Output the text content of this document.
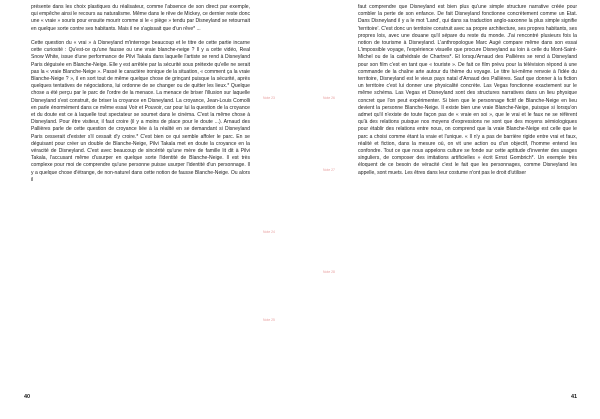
présente dans les choix plastiques du réalisateur, comme l'absence de son direct par exemple, qui empêche ainsi le recours au naturalisme. Même dans le rêve de Mickey, ce dernier reste donc une « vraie » souris pour ensuite mourir comme si le « piège » tendu par Disneyland se retournait en quelque sorte contre ses habitants. Mais il ne s'agissait que d'un rêve* ...

Cette question du « vrai » à Disneyland m'interroge beaucoup et le titre de cette partie incarne cette curiosité : Qu'est-ce qu'une fausse ou une vraie blanche-neige ? Il y a cette vidéo, Real Snow White, issue d'une performance de Pilvi Takala dans laquelle l'artiste se rend à Disneyland Paris déguisée en Blanche-Neige. Elle y est arrêtée par la sécurité sous prétexte qu'elle ne serait pas la « vraie Blanche-Neige ». Passé le caractère ironique de la situation, « comment ça la vraie Blanche-Neige ? », il en sort tout de même quelque chose de grinçant puisque la sécurité, après quelques tentatives de négociations, lui ordonne de se changer ou de quitter les lieux.* Quelque chose a été perçu par le parc de l'ordre de la menace. La menace de briser l'illusion sur laquelle Disneyland s'est construit, de briser la croyance en Disneyland. La croyance, Jean-Louis Comolli en parle énormément dans ce même essai Voir et Pouvoir, car pour lui la question de la croyance et du doute est ce à laquelle tout spectateur se soumet dans le cinéma. C'est la même chose à Disneyland. Pour être visiteur, il faut croire (il y a moins de place pour le doute ...). Arnaud des Pallières parle de cette question de croyance liée à la réalité en se demandant si Disneyland Paris cesserait d'exister s'il cessait d'y croire.* C'est bien ce qui semble affoler le parc. En se déguisant pour créer un double de Blanche-Neige, Pilvi Takala met en doute la croyance en la véracité de Disneyland. C'est avec beaucoup de sincérité qu'une mère de famille lit dit à Pilvi Takala, l'accusant même d'usurper en quelque sorte l'identité de Blanche-Neige. Il est très complexe pour moi de comprendre qu'une personne puisse usurper l'identité d'un personnage. Il y a quelque chose d'étrange, de non-naturel dans cette notion de fausse Blanche-Neige. Ou alors il

Note 23
Note 24
Note 25
40
Note 26
Note 27
Note 28

faut comprendre que Disneyland est bien plus qu'une simple structure narrative créée pour combler la perte de son enfance. De fait Disneyland fonctionne concrètement comme un Etat. Dans Disneyland il y a le mot 'Land', qui dans sa traduction anglo-saxonne la plus simple signifie 'territoire'. C'est donc un territoire construit avec sa propre architecture, ses propres habitants, ses propres lois, avec une douane qu'il sépare du reste du monde. J'ai rencontré plusieurs fois la notion de tourisme à Disneyland. L'anthropologue Marc Augé compare même dans son essai L'impossible voyage, l'expérience visuelle que procure Disneyland au loin à celle du Mont-Saint-Michel ou de la cathédrale de Chartres*. Et lorsqu'Arnaud des Pallières se rend à Disneyland pour son film c'est en tant que « touriste ». De fait ce film prévu pour la télévision répond à une commande de la chaîne arte autour du thème du voyage. Le titre lui-même renvoie à l'idée du territoire, Disneyland est le vieux pays natal d'Arnaud des Pallières. Sauf que donner à la fiction un territoire c'est lui donner une physicalité concrète. Las Vegas fonctionne exactement sur le même schéma. Las Vegas et Disneyland sont des structures narratives dans un lieu physique concret que l'on peut expérimenter. Si bien que le personnage fictif de Blanche-Neige en lieu devient la personne Blanche-Neige. Il existe bien une vraie Blanche-Neige, puisque si lorsqu'on admet qu'il n'existe de toute façon pas de « vraie en soi », que le vrai et le faux ne se réfèrent qu'à des relations puisque nos moyens d'expressions ne sont que des moyens sémiologiques pour établir des relations entre nous, on comprend que la vraie Blanche-Neige est celle que le parc a choisi comme étant la vraie et l'unique. « Il n'y a pas de barrière rigide entre vrai et faux, réalité et fiction, dans la mesure où, on vit une action ou d'un objectif, l'homme entend les confondre. Tout ce que nous appelons culture se fonde sur cette aptitude d'inventer des usages singuliers, de composer des imitations artificielles » écrit Ernst Gombrich*. Un exemple très éloquent de ce besoin de véracité c'est le fait que les personnages, comme Disneyland les appelle, sont muets. Les êtres dans leur costume n'ont pas le droit d'utiliser

41
